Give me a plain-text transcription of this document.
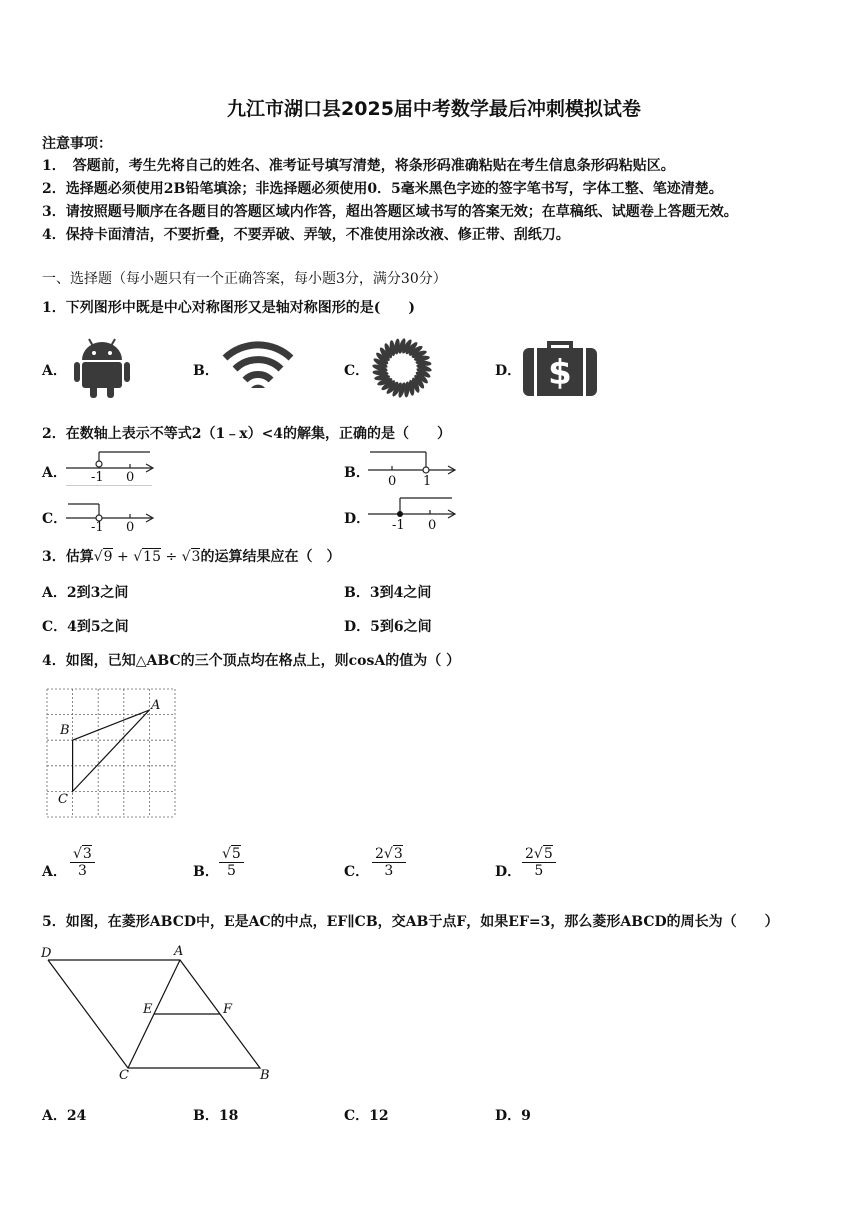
九江市湖口县2025届中考数学最后冲刺模拟试卷
注意事项：
1．　答题前，考生先将自己的姓名、准考证号填写清楚，将条形码准确粘贴在考生信息条形码粘贴区。
2．选择题必须使用2B铅笔填涂；非选择题必须使用0．5毫米黑色字迹的签字笔书写，字体工整、笔迹清楚。
3．请按照题号顺序在各题目的答题区域内作答，超出答题区域书写的答案无效；在草稿纸、试题卷上答题无效。
4．保持卡面清洁，不要折叠，不要弄破、弄皱，不准使用涂改液、修正带、刮纸刀。
一、选择题（每小题只有一个正确答案，每小题3分，满分30分）
1．下列图形中既是中心对称图形又是轴对称图形的是(　　)
A．	B．	C．	D． $
2．在数轴上表示不等式2（1﹣x）<4的解集，正确的是（　　）
A．	B．
C．	D．
-1 0	0 1
-1 0	-1 0
3．估算√9 + √15 ÷ √3的运算结果应在（　）
A．2到3之间	B．3到4之间
C．4到5之间	D．5到6之间
4．如图，已知△ABC的三个顶点均在格点上，则cosA的值为（ ）
A
B
C
A． $\frac{√3}{3}$	B． $\frac{√5}{5}$	C． $\frac{2√3}{3}$	D． $\frac{2√5}{5}$
5．如图，在菱形ABCD中，E是AC的中点，EF∥CB，交AB于点F，如果EF=3，那么菱形ABCD的周长为（　　）
D	A
E	F
C	B
A．24	B．18	C．12	D．9
